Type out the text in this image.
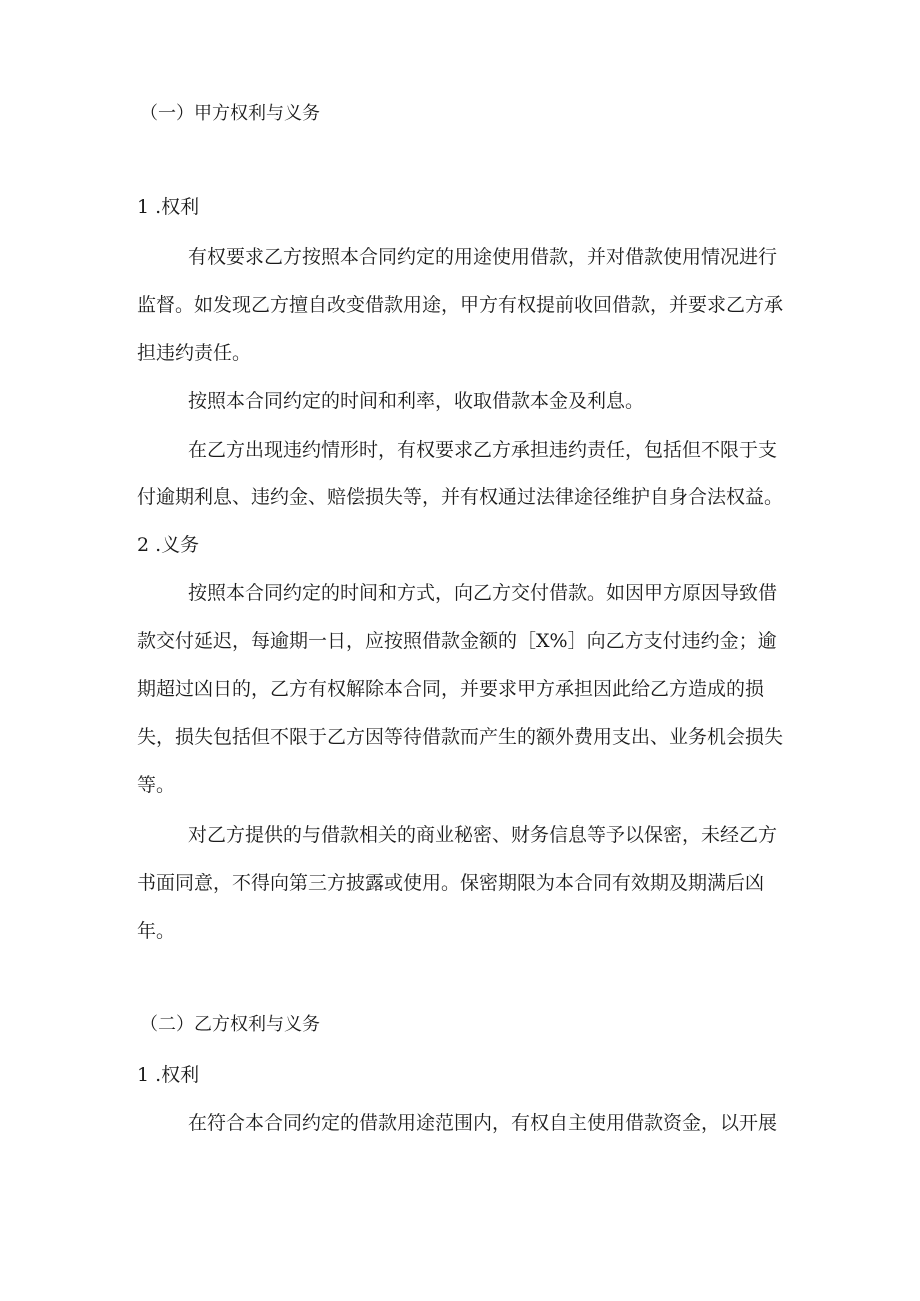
（一）甲方权利与义务
1 .权利
有权要求乙方按照本合同约定的用途使用借款，并对借款使用情况进行
监督。如发现乙方擅自改变借款用途，甲方有权提前收回借款，并要求乙方承
担违约责任。
按照本合同约定的时间和利率，收取借款本金及利息。
在乙方出现违约情形时，有权要求乙方承担违约责任，包括但不限于支
付逾期利息、违约金、赔偿损失等，并有权通过法律途径维护自身合法权益。
2 .义务
按照本合同约定的时间和方式，向乙方交付借款。如因甲方原因导致借
款交付延迟，每逾期一日，应按照借款金额的［X%］向乙方支付违约金；逾
期超过凶日的，乙方有权解除本合同，并要求甲方承担因此给乙方造成的损
失，损失包括但不限于乙方因等待借款而产生的额外费用支出、业务机会损失
等。
对乙方提供的与借款相关的商业秘密、财务信息等予以保密，未经乙方
书面同意，不得向第三方披露或使用。保密期限为本合同有效期及期满后凶
年。
（二）乙方权利与义务
1 .权利
在符合本合同约定的借款用途范围内，有权自主使用借款资金，以开展
